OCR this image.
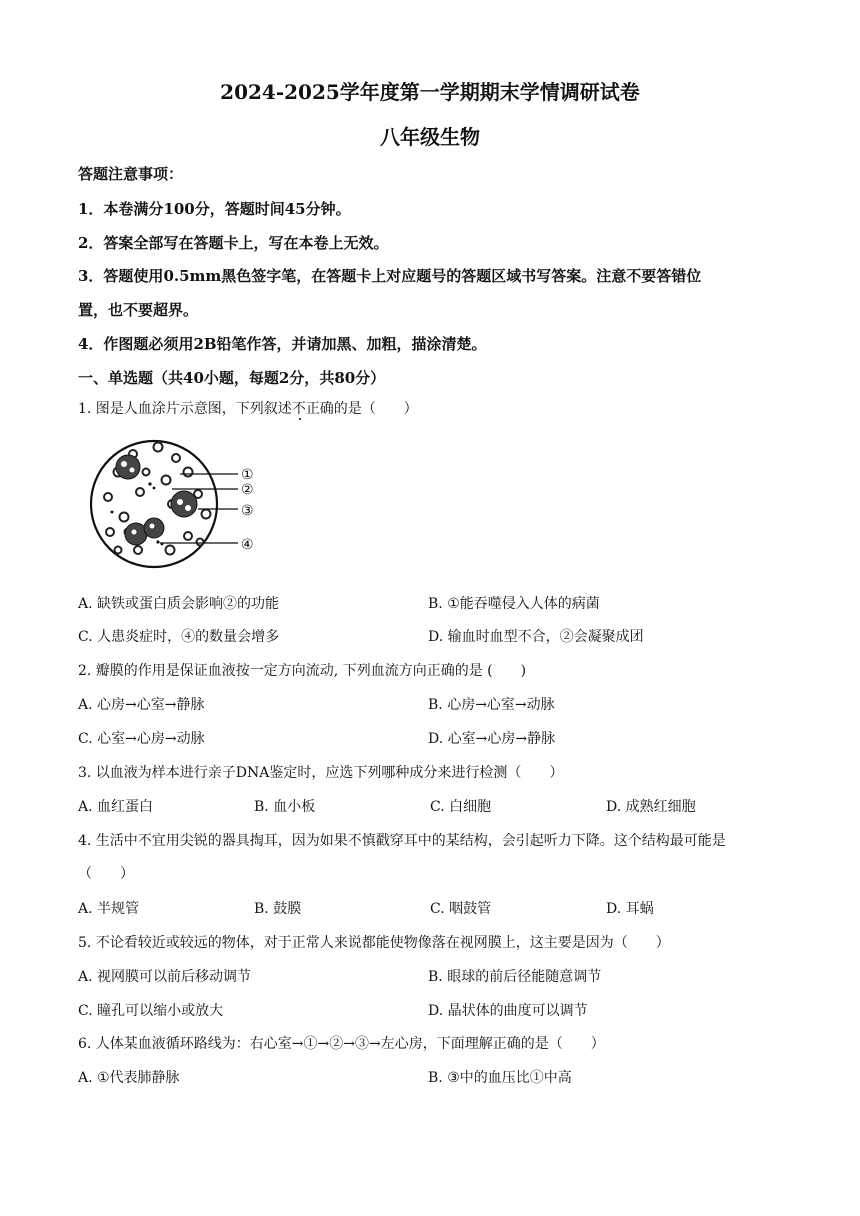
2024-2025学年度第一学期期末学情调研试卷
八年级生物
答题注意事项：
1．本卷满分100分，答题时间45分钟。
2．答案全部写在答题卡上，写在本卷上无效。
3．答题使用0.5mm黑色签字笔，在答题卡上对应题号的答题区域书写答案。注意不要答错位
置，也不要超界。
4．作图题必须用2B铅笔作答，并请加黑、加粗，描涂清楚。
一、单选题（共40小题，每题2分，共80分）
1. 图是人血涂片示意图，下列叙述不正确的是（　　）
①
②
③
④
A. 缺铁或蛋白质会影响②的功能	B. ①能吞噬侵入人体的病菌
C. 人患炎症时，④的数量会增多	D. 输血时血型不合，②会凝聚成团
2. 瓣膜的作用是保证血液按一定方向流动, 下列血流方向正确的是 (　　)
A. 心房→心室→静脉	B. 心房→心室→动脉
C. 心室→心房→动脉	D. 心室→心房→静脉
3. 以血液为样本进行亲子DNA鉴定时，应选下列哪种成分来进行检测（　　）
A. 血红蛋白	B. 血小板	C. 白细胞	D. 成熟红细胞
4. 生活中不宜用尖锐的器具掏耳，因为如果不慎戳穿耳中的某结构，会引起听力下降。这个结构最可能是
（　　）
A. 半规管	B. 鼓膜	C. 咽鼓管	D. 耳蜗
5. 不论看较近或较远的物体，对于正常人来说都能使物像落在视网膜上，这主要是因为（　　）
A. 视网膜可以前后移动调节	B. 眼球的前后径能随意调节
C. 瞳孔可以缩小或放大	D. 晶状体的曲度可以调节
6. 人体某血液循环路线为：右心室→①→②→③→左心房，下面理解正确的是（　　）
A. ①代表肺静脉	B. ③中的血压比①中高
